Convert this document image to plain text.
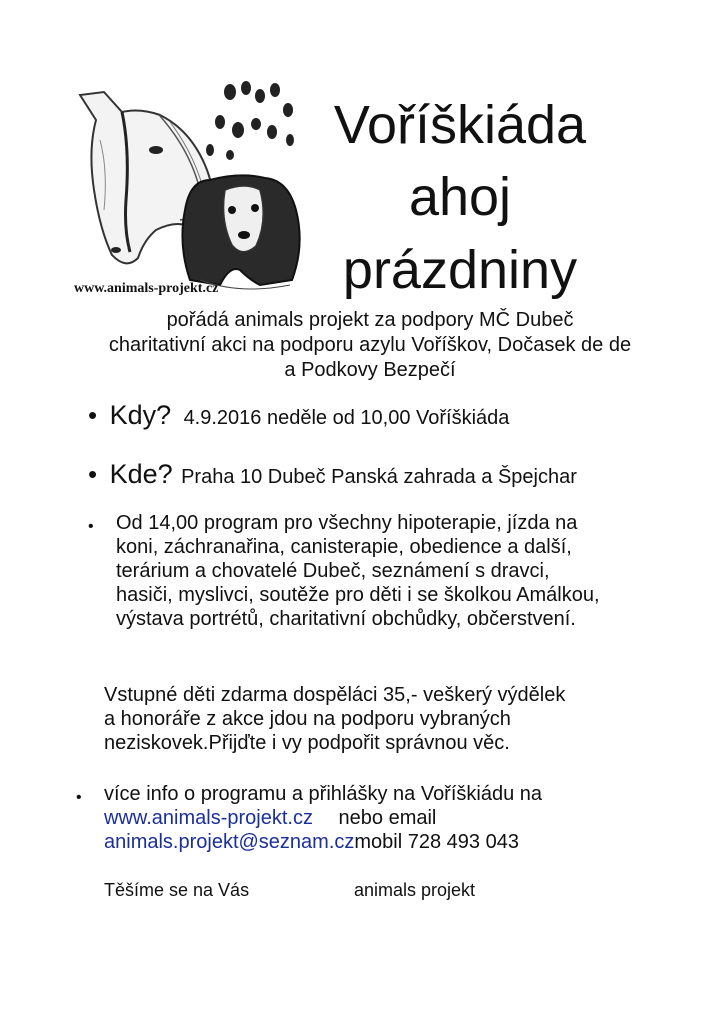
www.animals-projekt.cz
Voříškiáda
ahoj
prázdniny
pořádá animals projekt za podpory MČ Dubeč
charitativní akci na podporu azylu Voříškov, Dočasek de de
a Podkovy Bezpečí
• Kdy? 4.9.2016 neděle od 10,00 Voříškiáda
• Kde? Praha 10 Dubeč Panská zahrada a Špejchar
• Od 14,00 program pro všechny hipoterapie, jízda na
koni, záchranařina, canisterapie, obedience a další,
terárium a chovatelé Dubeč, seznámení s dravci,
hasiči, myslivci, soutěže pro děti i se školkou Amálkou,
výstava portrétů, charitativní obchůdky, občerstvení.
Vstupné děti zdarma dospěláci 35,- veškerý výdělek
a honoráře z akce jdou na podporu vybraných
neziskovek.Přijďte i vy podpořit správnou věc.
• více info o programu a přihlášky na Voříškiádu na
www.animals-projekt.cz nebo email
animals.projekt@seznam.czmobil 728 493 043
Těšíme se na Vás	animals projekt
